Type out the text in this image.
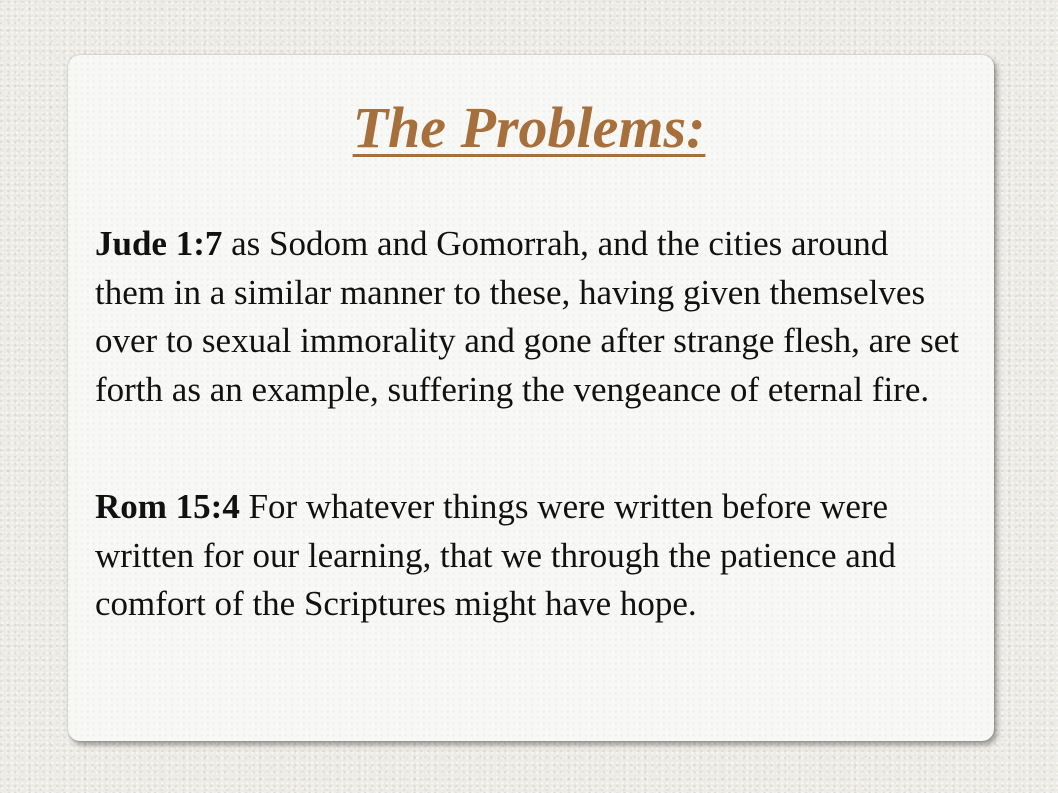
The Problems:

Jude 1:7 as Sodom and Gomorrah, and the cities around them in a similar manner to these, having given themselves over to sexual immorality and gone after strange flesh, are set forth as an example, suffering the vengeance of eternal fire.

Rom 15:4 For whatever things were written before were written for our learning, that we through the patience and comfort of the Scriptures might have hope.
